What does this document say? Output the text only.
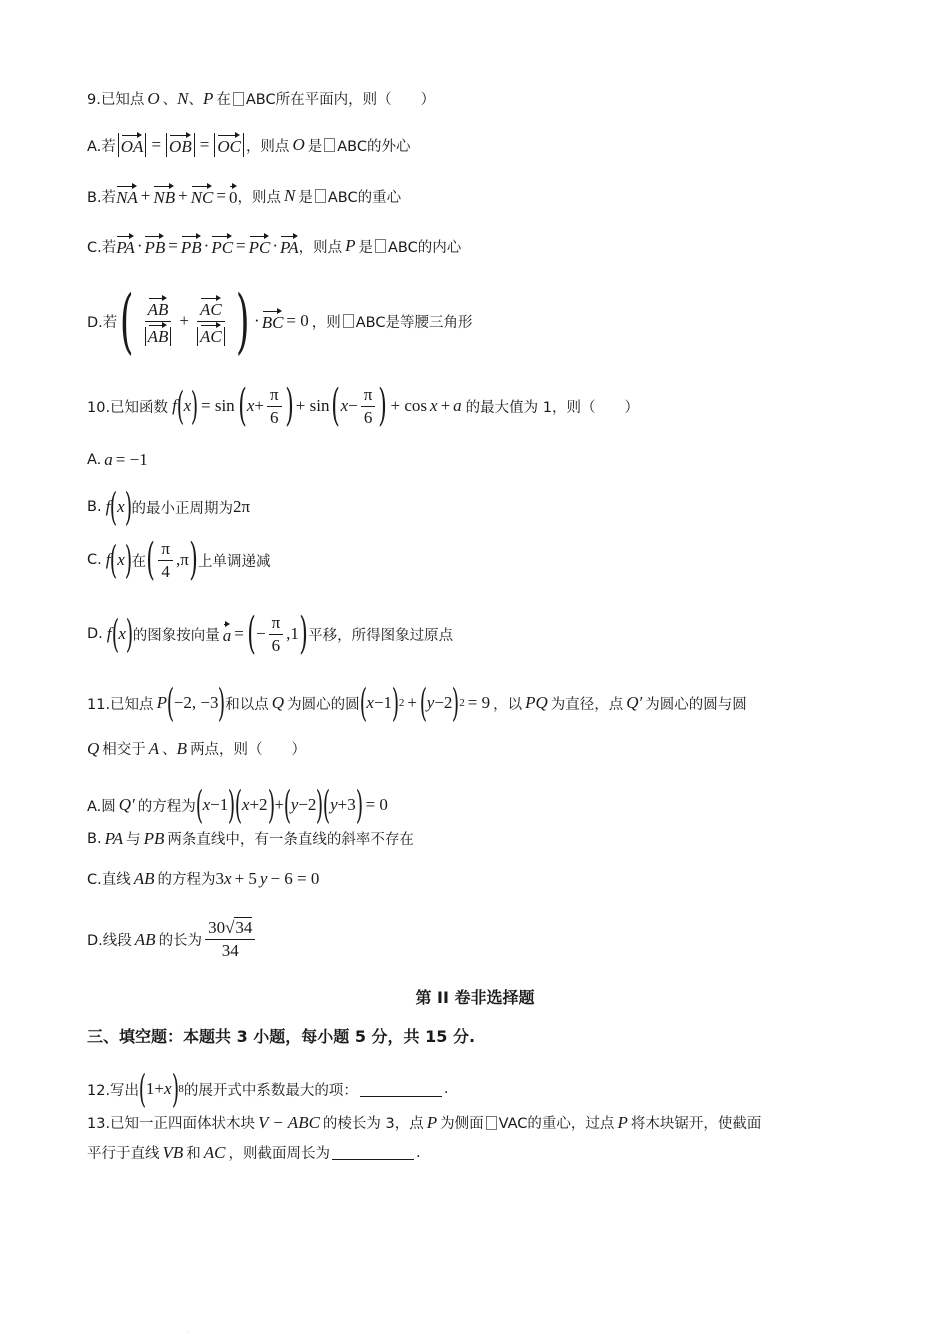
9.已知点 O 、 N 、 P 在 ABC所在平面内，则（　　）
A.若 OA = OB = OC ，则点 O 是 ABC的外心
B.若 NA + NB + NC = 0 ，则点 N 是 ABC的重心
C.若 PA · PB = PB · PC = PC · PA ，则点 P 是 ABC的内心
D.若 ( $\frac{AB}{AB} + \frac{AC}{AC}$ ) · BC = 0 ，则 ABC是等腰三角形
10.已知函数 f ( x ) = sin ( $x + \frac{\pi}{6}$ ) + sin ( $x - \frac{\pi}{6}$ ) + cos x + a 的最大值为 1，则（　　）
A. a = −1
B. f ( x ) 的最小正周期为 2π
C. f ( x ) 在 ( $\frac{\pi}{4} ,\pi$ ) 上单调递减
D. f ( x ) 的图象按向量 a = ( − $\frac{\pi}{6} ,1$ ) 平移，所得图象过原点
11.已知点 P ( −2, −3 ) 和以点 Q 为圆心的圆 ( x −1 ) 2 + ( y −2 ) 2 = 9 ，以 PQ 为直径，点 Q′ 为圆心的圆与圆
Q 相交于 A 、 B 两点，则（　　）
A.圆 Q′ 的方程为 ( x −1 ) ( x +2 ) + ( y −2 ) ( y +3 ) = 0
B. PA 与 PB 两条直线中，有一条直线的斜率不存在
C.直线 AB 的方程为 3 x + 5 y − 6 = 0
D.线段 AB 的长为 $\frac{30√34}{34}$
第 II 卷非选择题
三、填空题：本题共 3 小题，每小题 5 分，共 15 分.
12.写出 ( 1+ x ) 8 的展开式中系数最大的项：	.
13.已知一正四面体状木块 V − ABC 的棱长为 3，点 P 为侧面 VAC的重心，过点 P 将木块锯开，使截面
平行于直线 VB 和 AC ，则截面周长为	.
·
